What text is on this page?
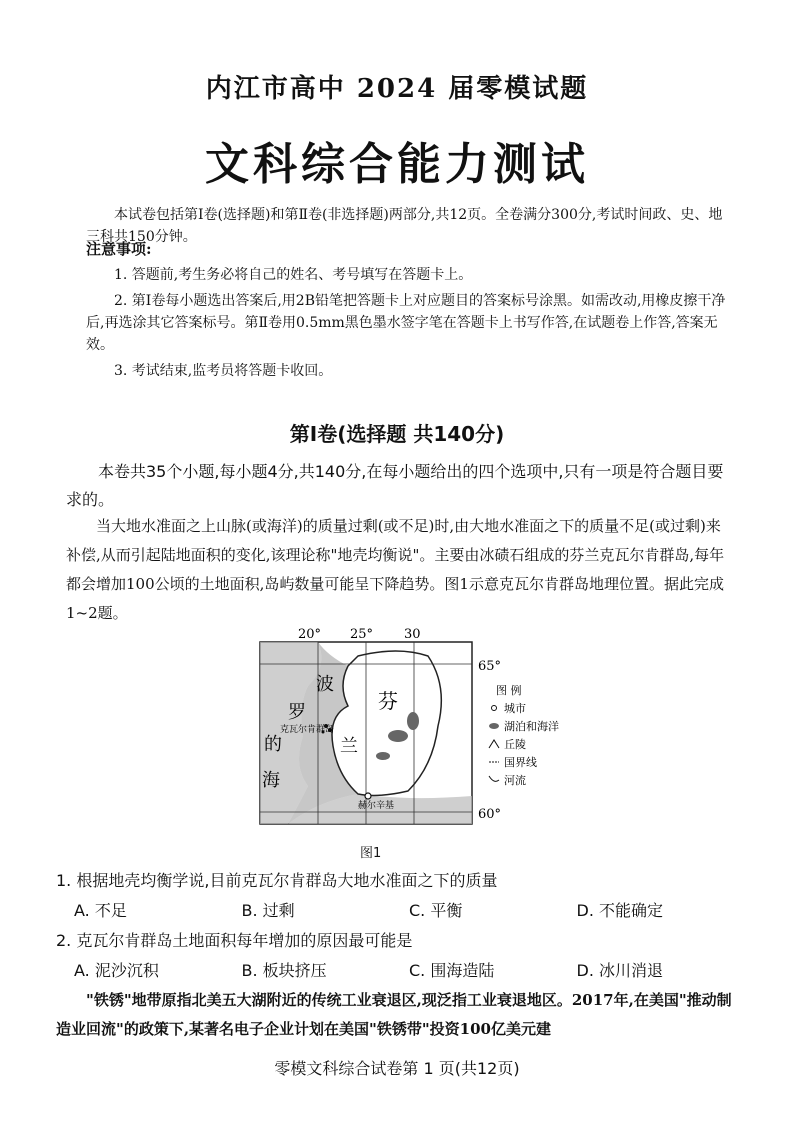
内江市高中 2024 届零模试题
文科综合能力测试
本试卷包括第Ⅰ卷(选择题)和第Ⅱ卷(非选择题)两部分,共12页。全卷满分300分,考试时间政、史、地三科共150分钟。
注意事项:
1. 答题前,考生务必将自己的姓名、考号填写在答题卡上。
2. 第Ⅰ卷每小题选出答案后,用2B铅笔把答题卡上对应题目的答案标号涂黑。如需改动,用橡皮擦干净后,再选涂其它答案标号。第Ⅱ卷用0.5mm黑色墨水签字笔在答题卡上书写作答,在试题卷上作答,答案无效。
3. 考试结束,监考员将答题卡收回。
第Ⅰ卷(选择题 共140分)
本卷共35个小题,每小题4分,共140分,在每小题给出的四个选项中,只有一项是符合题目要求的。
当大地水准面之上山脉(或海洋)的质量过剩(或不足)时,由大地水准面之下的质量不足(或过剩)来补偿,从而引起陆地面积的变化,该理论称"地壳均衡说"。主要由冰碛石组成的芬兰克瓦尔肯群岛,每年都会增加100公顷的土地面积,岛屿数量可能呈下降趋势。图1示意克瓦尔肯群岛地理位置。据此完成1~2题。
20° 25° 30
65°
60°
波
罗
的
海
芬
兰
克瓦尔肯群岛
赫尔辛基
图 例
城市
湖泊和海洋
丘陵
国界线
河流
图1
1. 根据地壳均衡学说,目前克瓦尔肯群岛大地水准面之下的质量
A. 不足	B. 过剩	C. 平衡	D. 不能确定
2. 克瓦尔肯群岛土地面积每年增加的原因最可能是
A. 泥沙沉积	B. 板块挤压	C. 围海造陆	D. 冰川消退
"铁锈"地带原指北美五大湖附近的传统工业衰退区,现泛指工业衰退地区。2017年,在美国"推动制造业回流"的政策下,某著名电子企业计划在美国"铁锈带"投资100亿美元建
零模文科综合试卷第 1 页(共12页)
